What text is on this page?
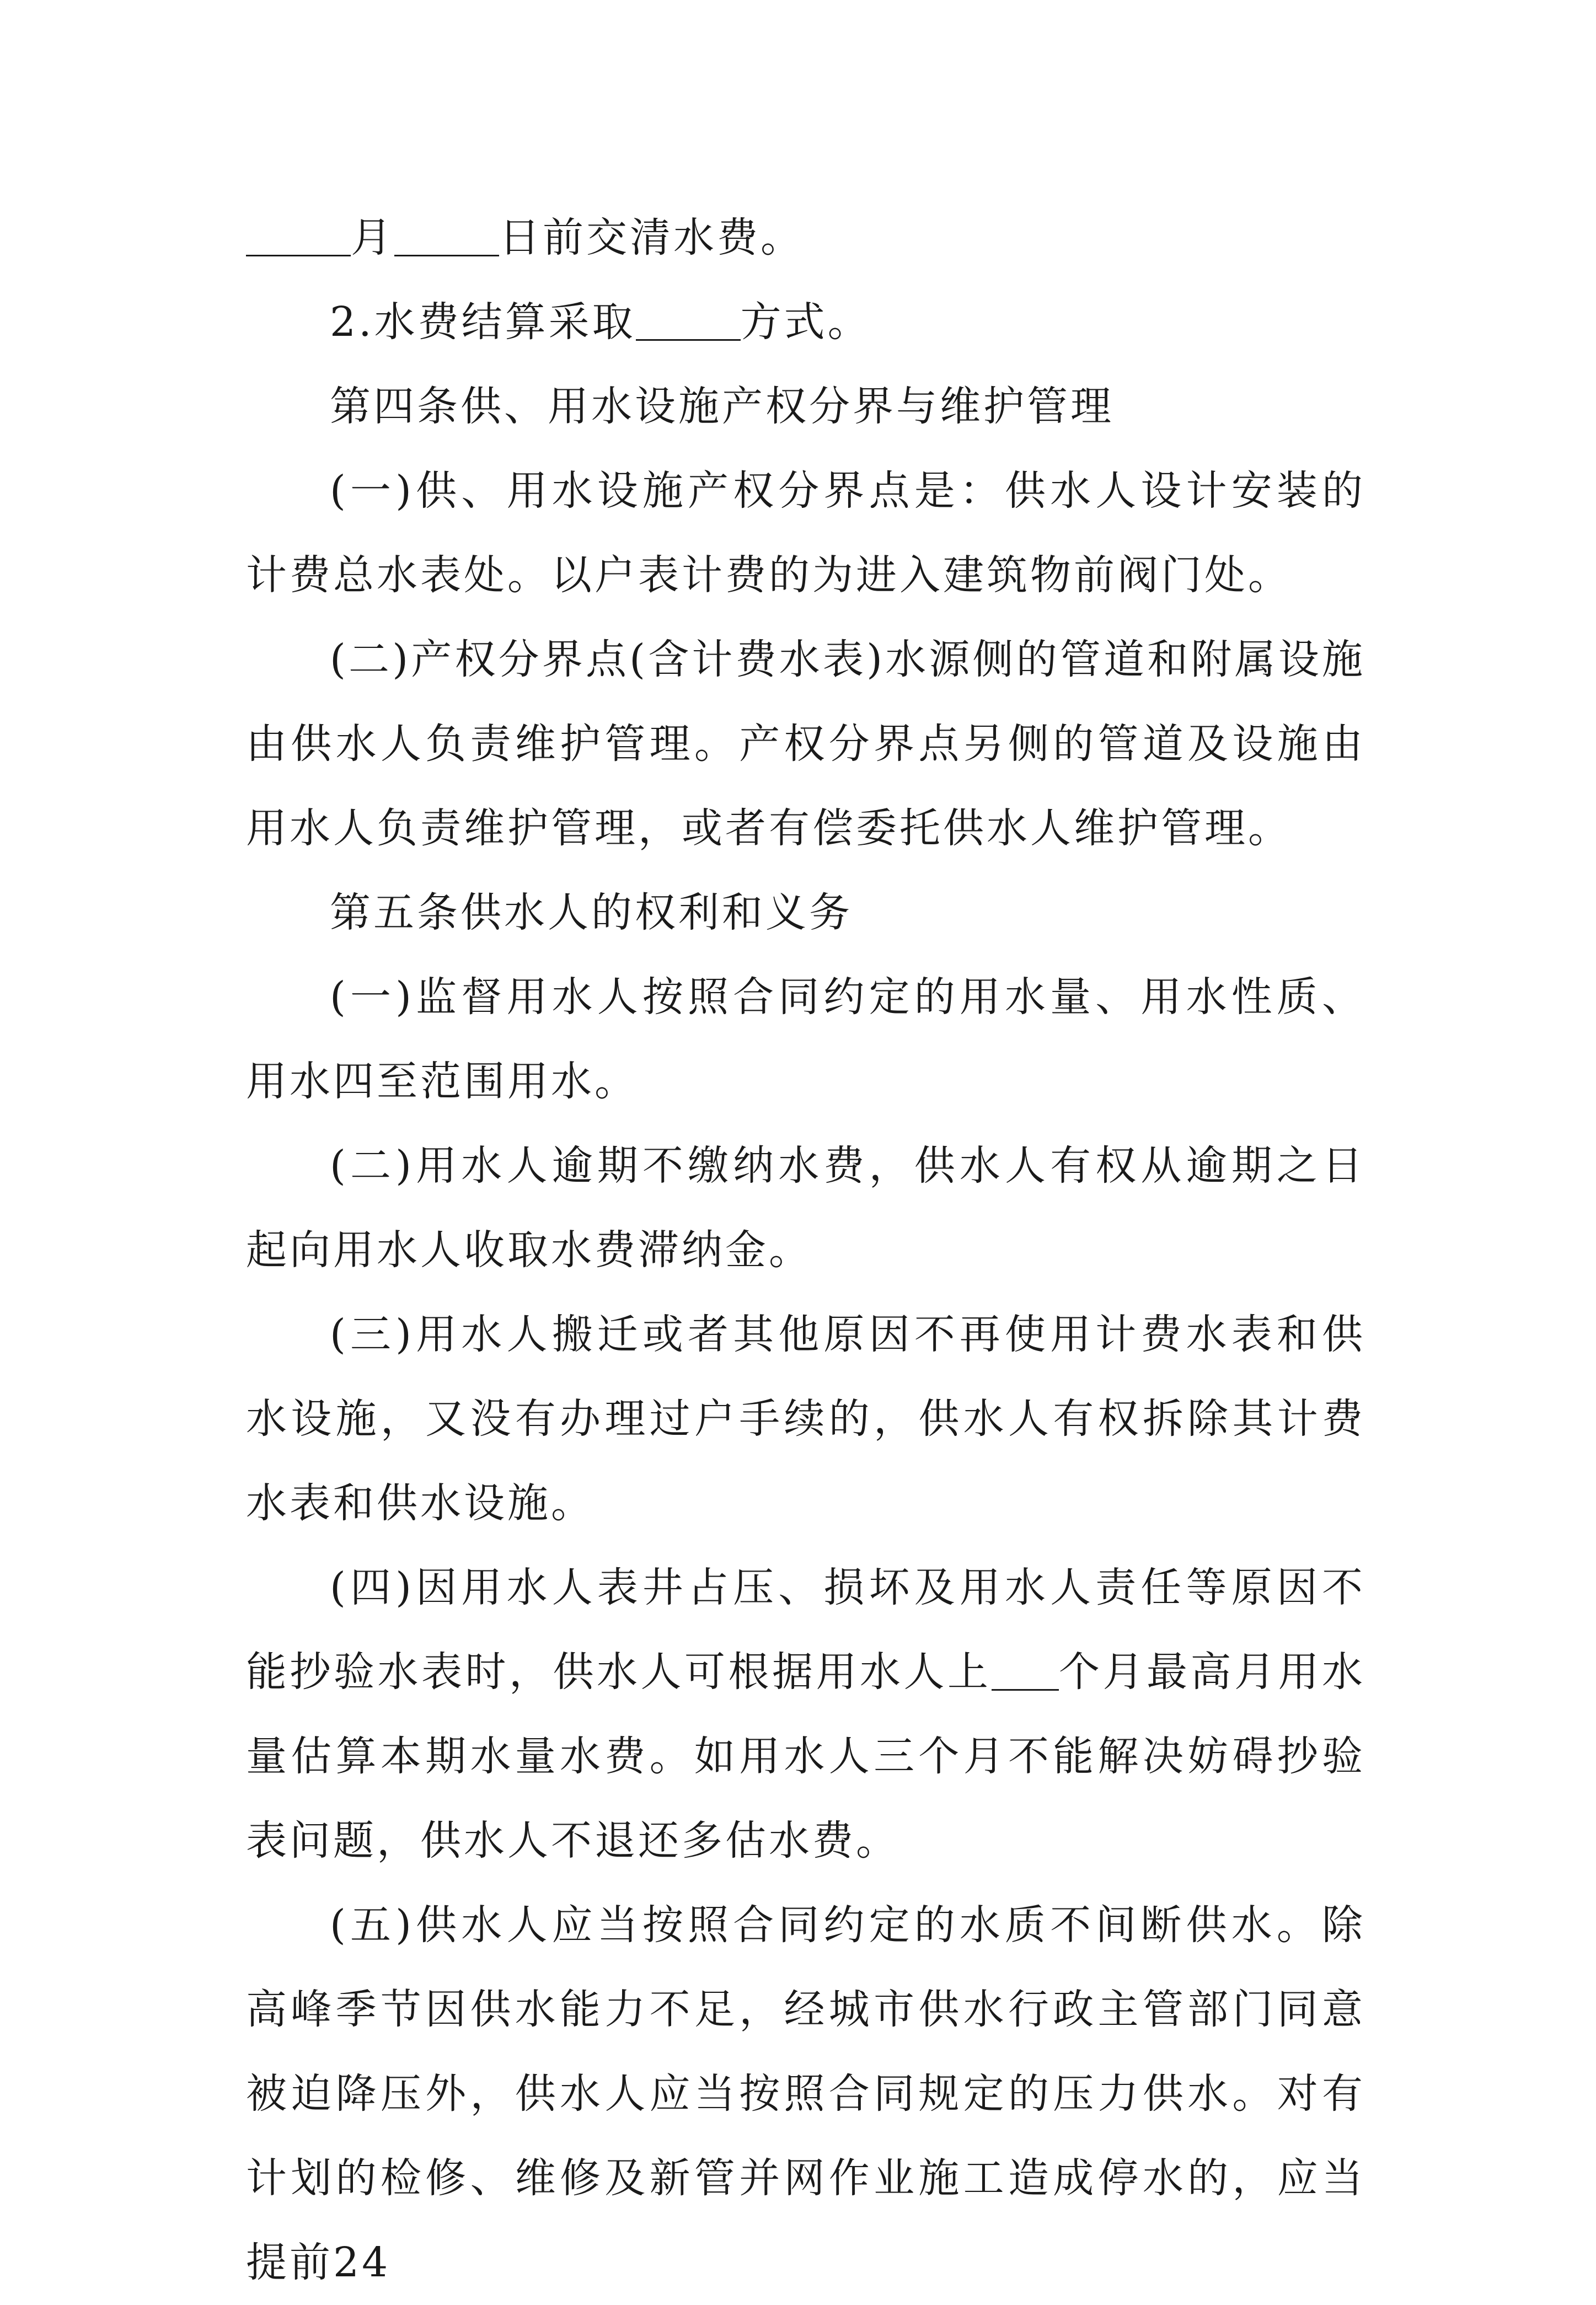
月	日前交清水费。

2.水费结算采取	方式。

第四条供、用水设施产权分界与维护管理

(一)供、用水设施产权分界点是：供水人设计安装的计费总水表处。以户表计费的为进入建筑物前阀门处。

(二)产权分界点(含计费水表)水源侧的管道和附属设施由供水人负责维护管理。产权分界点另侧的管道及设施由用水人负责维护管理，或者有偿委托供水人维护管理。

第五条供水人的权利和义务

(一)监督用水人按照合同约定的用水量、用水性质、用水四至范围用水。

(二)用水人逾期不缴纳水费，供水人有权从逾期之日起向用水人收取水费滞纳金。

(三)用水人搬迁或者其他原因不再使用计费水表和供水设施，又没有办理过户手续的，供水人有权拆除其计费水表和供水设施。

(四)因用水人表井占压、损坏及用水人责任等原因不能抄验水表时，供水人可根据用水人上 个月最高月用水量估算本期水量水费。如用水人三个月不能解决妨碍抄验表问题，供水人不退还多估水费。

(五)供水人应当按照合同约定的水质不间断供水。除高峰季节因供水能力不足，经城市供水行政主管部门同意被迫降压外，供水人应当按照合同规定的压力供水。对有计划的检修、维修及新管并网作业施工造成停水的，应当提前24
